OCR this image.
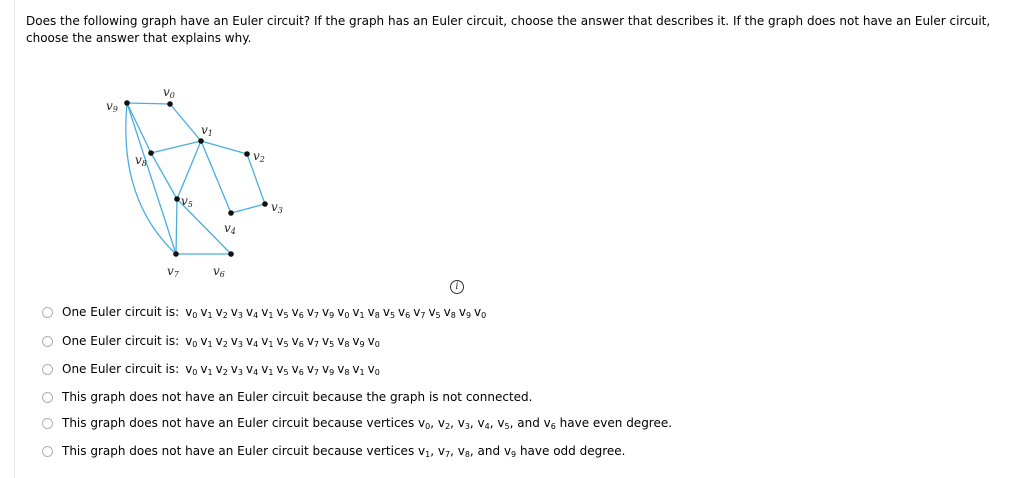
Does the following graph have an Euler circuit? If the graph has an Euler circuit, choose the answer that describes it. If the graph does not have an Euler circuit, choose the answer that explains why.
v0
v1
v2
v3
v4
v5
v6
v7
v8
v9
i
One Euler circuit is: $v_0$ $v_1$ $v_2$ $v_3$ $v_4$ $v_1$ $v_5$ $v_6$ $v_7$ $v_9$ $v_0$ $v_1$ $v_8$ $v_5$ $v_6$ $v_7$ $v_5$ $v_8$ $v_9$ $v_0$
One Euler circuit is: $v_0$ $v_1$ $v_2$ $v_3$ $v_4$ $v_1$ $v_5$ $v_6$ $v_7$ $v_5$ $v_8$ $v_9$ $v_0$
One Euler circuit is: $v_0$ $v_1$ $v_2$ $v_3$ $v_4$ $v_1$ $v_5$ $v_6$ $v_7$ $v_9$ $v_8$ $v_1$ $v_0$
This graph does not have an Euler circuit because the graph is not connected.
This graph does not have an Euler circuit because vertices $v_0$, $v_2$, $v_3$, $v_4$, $v_5$, and $v_6$ have even degree.
This graph does not have an Euler circuit because vertices $v_1$, $v_7$, $v_8$, and $v_9$ have odd degree.
